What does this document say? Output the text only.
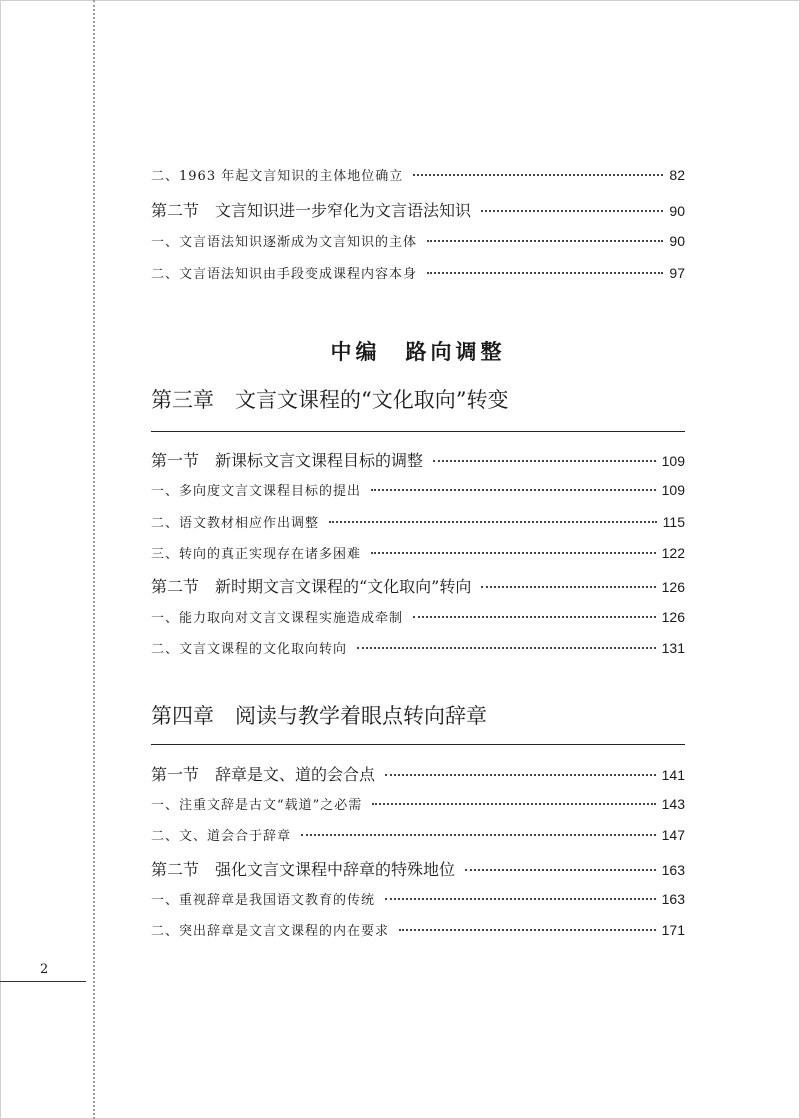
二、1963 年起文言知识的主体地位确立	82
第二节　文言知识进一步窄化为文言语法知识	90
一、文言语法知识逐渐成为文言知识的主体	90
二、文言语法知识由手段变成课程内容本身	97
中编　路向调整
第三章　文言文课程的“文化取向”转变
第一节　新课标文言文课程目标的调整	109
一、多向度文言文课程目标的提出	109
二、语文教材相应作出调整	115
三、转向的真正实现存在诸多困难	122
第二节　新时期文言文课程的“文化取向”转向	126
一、能力取向对文言文课程实施造成牵制	126
二、文言文课程的文化取向转向	131
第四章　阅读与教学着眼点转向辞章
第一节　辞章是文、道的会合点	141
一、注重文辞是古文“载道”之必需	143
二、文、道会合于辞章	147
第二节　强化文言文课程中辞章的特殊地位	163
一、重视辞章是我国语文教育的传统	163
二、突出辞章是文言文课程的内在要求	171
2
